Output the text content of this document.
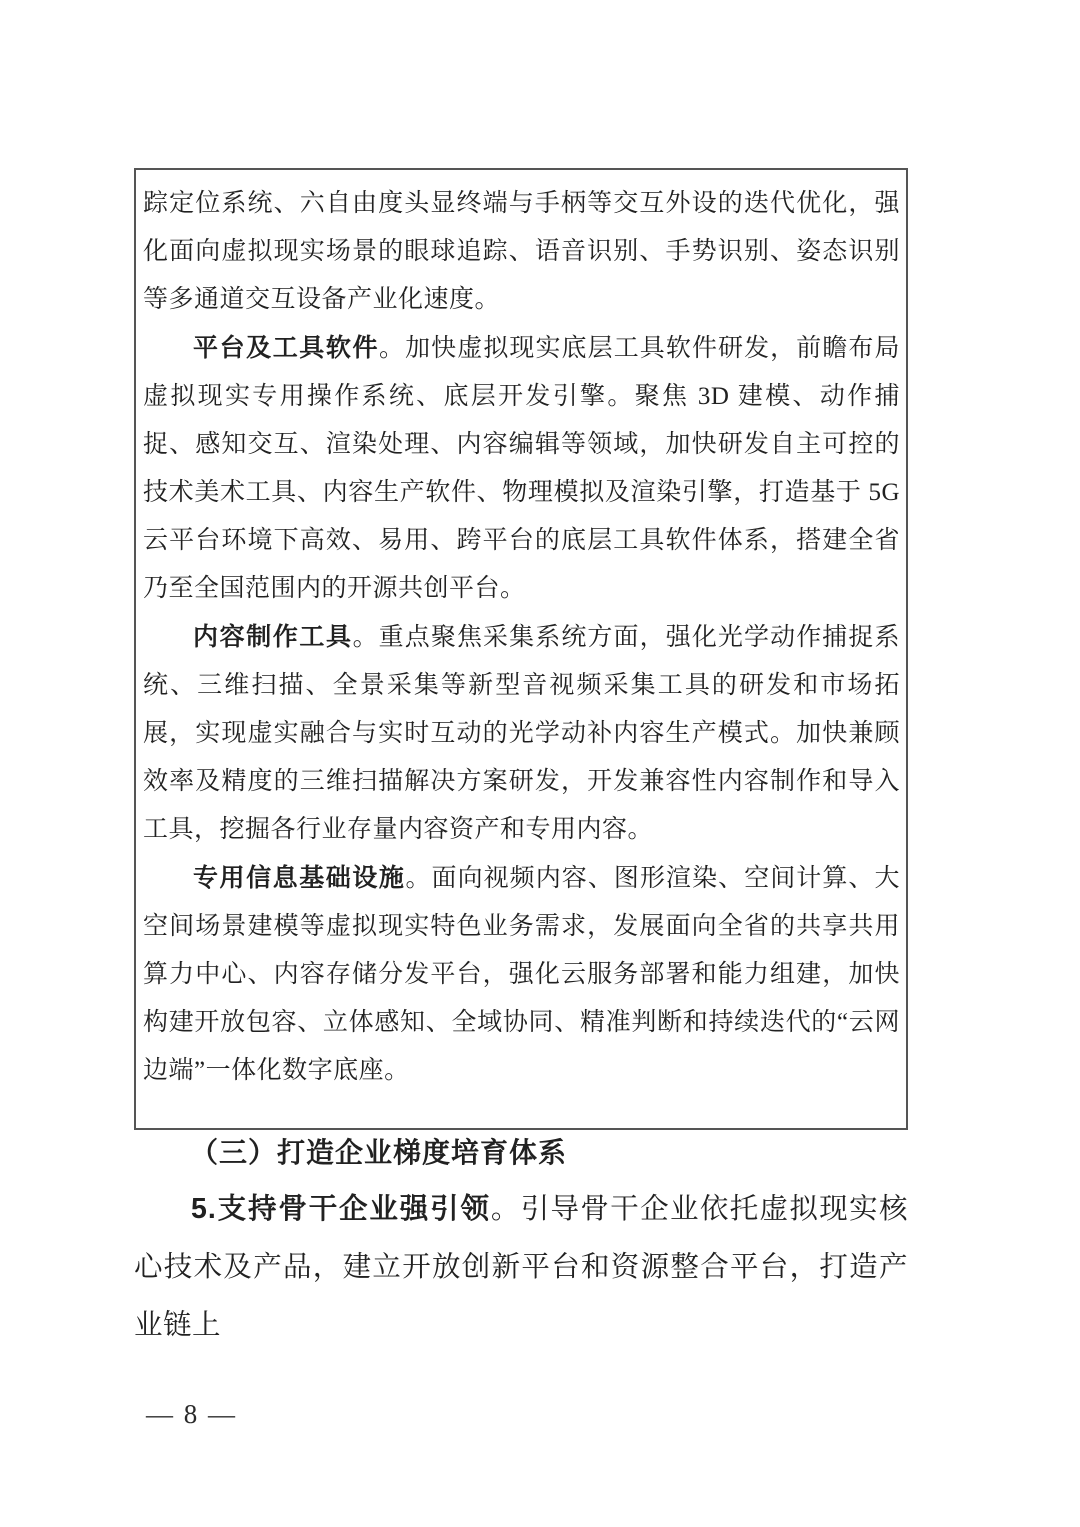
踪定位系统、六自由度头显终端与手柄等交互外设的迭代优化，强化面向虚拟现实场景的眼球追踪、语音识别、手势识别、姿态识别等多通道交互设备产业化速度。

平台及工具软件。加快虚拟现实底层工具软件研发，前瞻布局虚拟现实专用操作系统、底层开发引擎。聚焦 3D 建模、动作捕捉、感知交互、渲染处理、内容编辑等领域，加快研发自主可控的技术美术工具、内容生产软件、物理模拟及渲染引擎，打造基于 5G 云平台环境下高效、易用、跨平台的底层工具软件体系，搭建全省乃至全国范围内的开源共创平台。

内容制作工具。重点聚焦采集系统方面，强化光学动作捕捉系统、三维扫描、全景采集等新型音视频采集工具的研发和市场拓展，实现虚实融合与实时互动的光学动补内容生产模式。加快兼顾效率及精度的三维扫描解决方案研发，开发兼容性内容制作和导入工具，挖掘各行业存量内容资产和专用内容。

专用信息基础设施。面向视频内容、图形渲染、空间计算、大空间场景建模等虚拟现实特色业务需求，发展面向全省的共享共用算力中心、内容存储分发平台，强化云服务部署和能力组建，加快构建开放包容、立体感知、全域协同、精准判断和持续迭代的“云网边端”一体化数字底座。

（三）打造企业梯度培育体系

5.支持骨干企业强引领。引导骨干企业依托虚拟现实核心技术及产品，建立开放创新平台和资源整合平台，打造产业链上

— 8 —
